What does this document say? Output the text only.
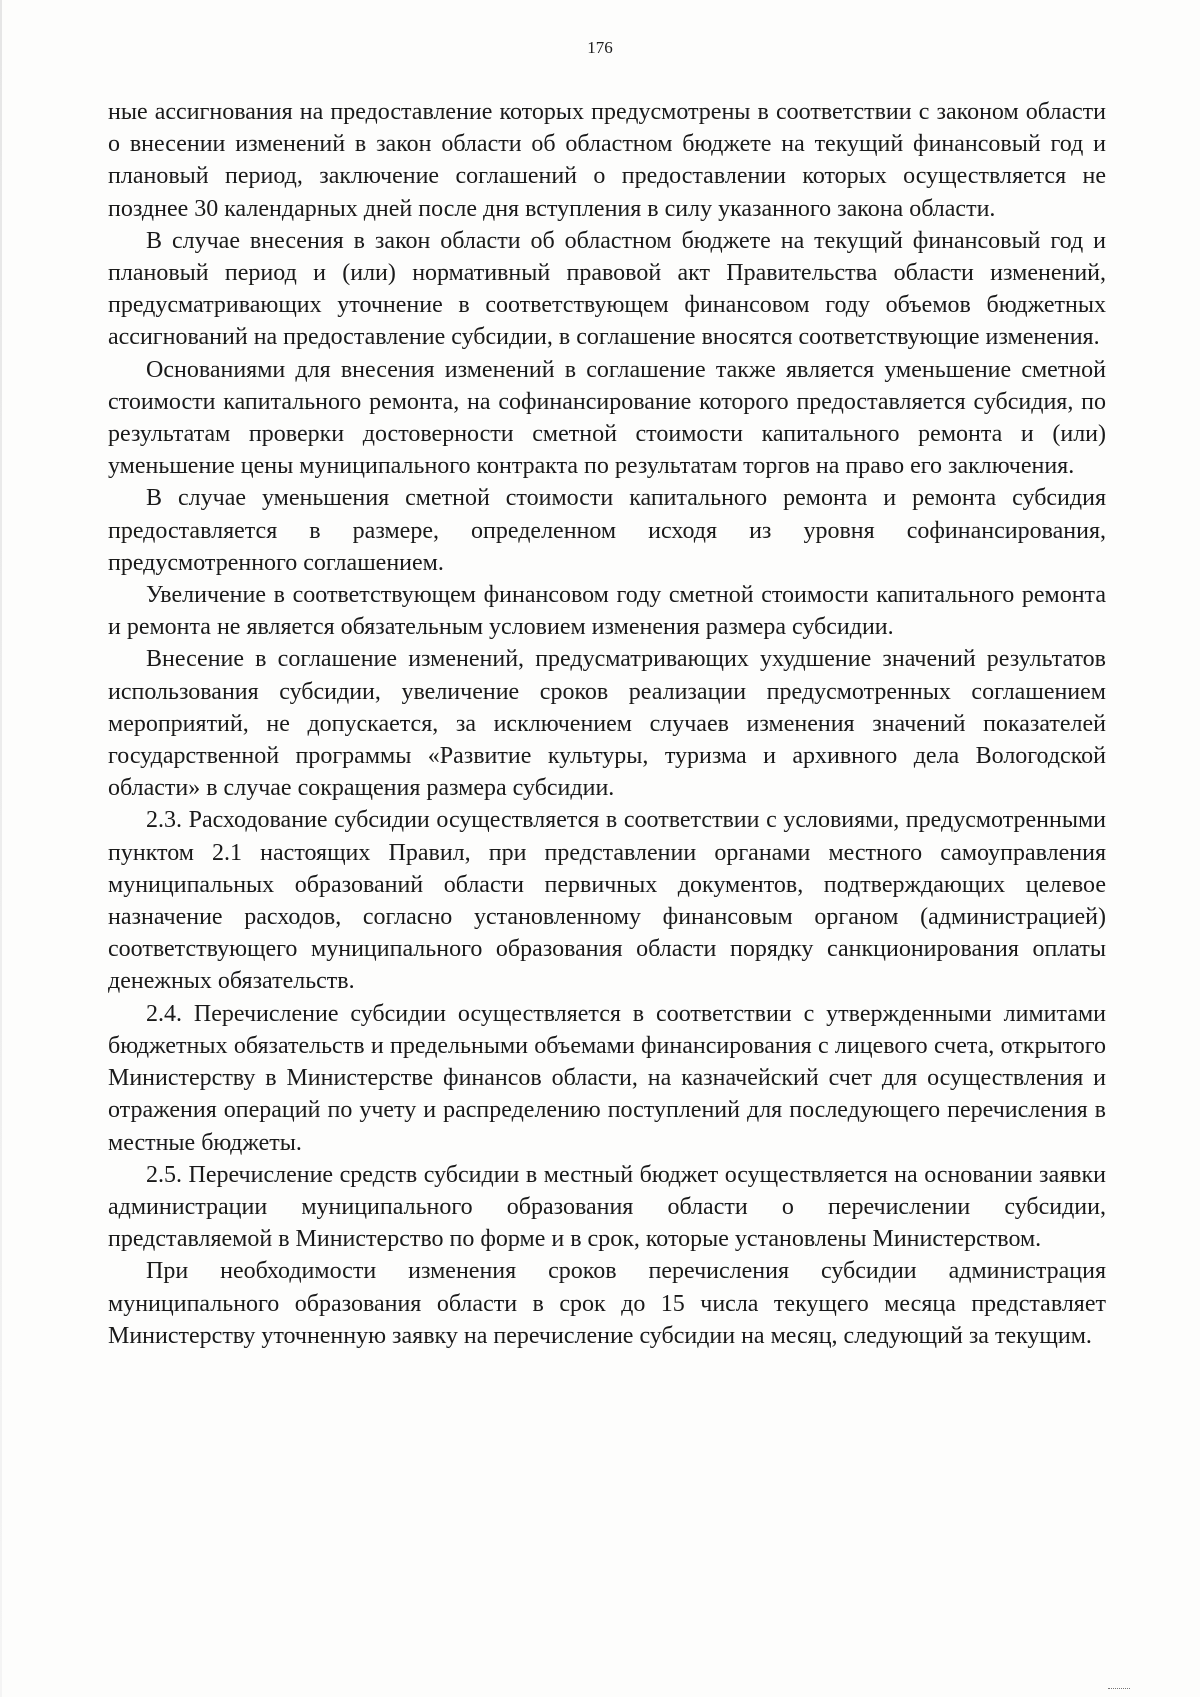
176

ные ассигнования на предоставление которых предусмотрены в соответствии с законом области о внесении изменений в закон области об областном бюджете на текущий финансовый год и плановый период, заключение соглашений о предоставлении которых осуществляется не позднее 30 календарных дней после дня вступления в силу указанного закона области.

В случае внесения в закон области об областном бюджете на текущий финансовый год и плановый период и (или) нормативный правовой акт Правительства области изменений, предусматривающих уточнение в соответствующем финансовом году объемов бюджетных ассигнований на предоставление субсидии, в соглашение вносятся соответствующие изменения.

Основаниями для внесения изменений в соглашение также является уменьшение сметной стоимости капитального ремонта, на софинансирование которого предоставляется субсидия, по результатам проверки достоверности сметной стоимости капитального ремонта и (или) уменьшение цены муниципального контракта по результатам торгов на право его заключения.

В случае уменьшения сметной стоимости капитального ремонта и ремонта субсидия предоставляется в размере, определенном исходя из уровня софинансирования, предусмотренного соглашением.

Увеличение в соответствующем финансовом году сметной стоимости капитального ремонта и ремонта не является обязательным условием изменения размера субсидии.

Внесение в соглашение изменений, предусматривающих ухудшение значений результатов использования субсидии, увеличение сроков реализации предусмотренных соглашением мероприятий, не допускается, за исключением случаев изменения значений показателей государственной программы «Развитие культуры, туризма и архивного дела Вологодской области» в случае сокращения размера субсидии.

2.3. Расходование субсидии осуществляется в соответствии с условиями, предусмотренными пунктом 2.1 настоящих Правил, при представлении органами местного самоуправления муниципальных образований области первичных документов, подтверждающих целевое назначение расходов, согласно установленному финансовым органом (администрацией) соответствующего муниципального образования области порядку санкционирования оплаты денежных обязательств.

2.4. Перечисление субсидии осуществляется в соответствии с утвержденными лимитами бюджетных обязательств и предельными объемами финансирования с лицевого счета, открытого Министерству в Министерстве финансов области, на казначейский счет для осуществления и отражения операций по учету и распределению поступлений для последующего перечисления в местные бюджеты.

2.5. Перечисление средств субсидии в местный бюджет осуществляется на основании заявки администрации муниципального образования области о перечислении субсидии, представляемой в Министерство по форме и в срок, которые установлены Министерством.

При необходимости изменения сроков перечисления субсидии администрация муниципального образования области в срок до 15 числа текущего месяца представляет Министерству уточненную заявку на перечисление субсидии на месяц, следующий за текущим.
